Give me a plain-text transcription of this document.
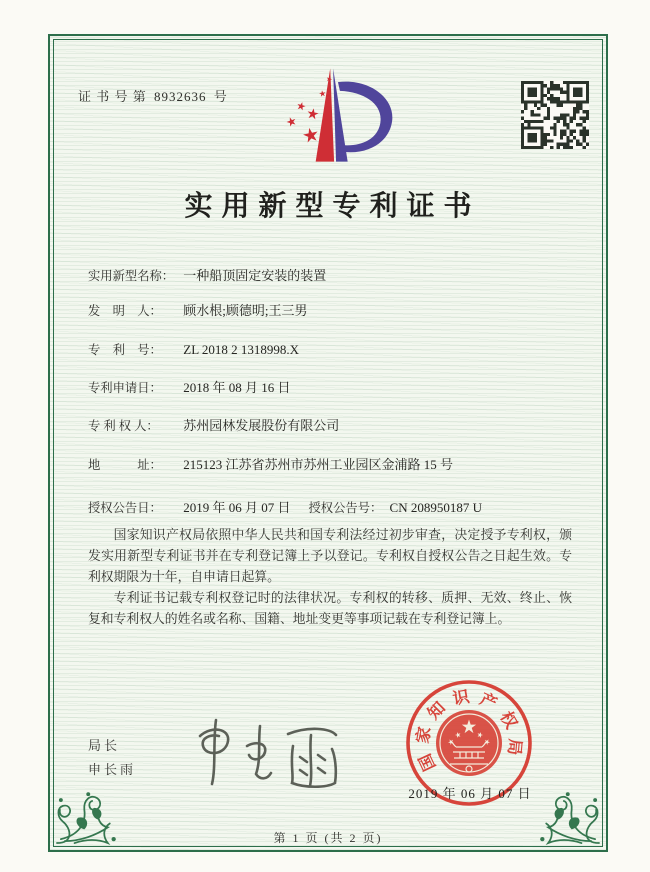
证 书 号 第 8932636 号
实用新型专利证书
实用新型名称： 一种船顶固定安装的装置
发　明　人： 顾水根;顾德明;王三男
专　利　号： ZL 2018 2 1318998.X
专利申请日： 2018 年 08 月 16 日
专 利 权 人： 苏州园林发展股份有限公司
地　　　址： 215123 江苏省苏州市苏州工业园区金浦路 15 号
授权公告日： 2019 年 06 月 07 日 授权公告号： CN 208950187 U

国家知识产权局依照中华人民共和国专利法经过初步审查，决定授予专利权，颁发实用新型专利证书并在专利登记簿上予以登记。专利权自授权公告之日起生效。专利权期限为十年，自申请日起算。

专利证书记载专利权登记时的法律状况。专利权的转移、质押、无效、终止、恢复和专利权人的姓名或名称、国籍、地址变更等事项记载在专利登记簿上。

局长
申长雨	国
家
知
识 产
权
局
2019 年 06 月 07 日
第 1 页 (共 2 页)
